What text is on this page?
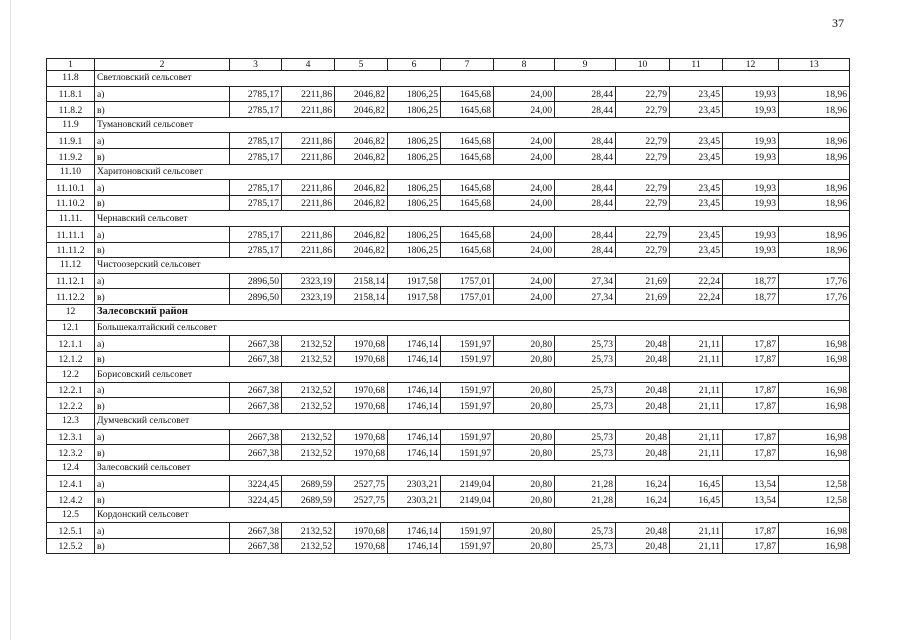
37
1	2	3	4	5	6	7	8	9	10	11	12	13
11.8	Светловский сельсовет											
11.8.1	а)	2785,17	2211,86	2046,82	1806,25	1645,68	24,00	28,44	22,79	23,45	19,93	18,96
11.8.2	в)	2785,17	2211,86	2046,82	1806,25	1645,68	24,00	28,44	22,79	23,45	19,93	18,96
11.9	Тумановский сельсовет											
11.9.1	а)	2785,17	2211,86	2046,82	1806,25	1645,68	24,00	28,44	22,79	23,45	19,93	18,96
11.9.2	в)	2785,17	2211,86	2046,82	1806,25	1645,68	24,00	28,44	22,79	23,45	19,93	18,96
11.10	Харитоновский сельсовет											
11.10.1	а)	2785,17	2211,86	2046,82	1806,25	1645,68	24,00	28,44	22,79	23,45	19,93	18,96
11.10.2	в)	2785,17	2211,86	2046,82	1806,25	1645,68	24,00	28,44	22,79	23,45	19,93	18,96
11.11.	Чернавский сельсовет											
11.11.1	а)	2785,17	2211,86	2046,82	1806,25	1645,68	24,00	28,44	22,79	23,45	19,93	18,96
11.11.2	в)	2785,17	2211,86	2046,82	1806,25	1645,68	24,00	28,44	22,79	23,45	19,93	18,96
11.12	Чистоозерский сельсовет											
11.12.1	а)	2896,50	2323,19	2158,14	1917,58	1757,01	24,00	27,34	21,69	22,24	18,77	17,76
11.12.2	в)	2896,50	2323,19	2158,14	1917,58	1757,01	24,00	27,34	21,69	22,24	18,77	17,76
12	Залесовский район											
12.1	Большекалтайский сельсовет											
12.1.1	а)	2667,38	2132,52	1970,68	1746,14	1591,97	20,80	25,73	20,48	21,11	17,87	16,98
12.1.2	в)	2667,38	2132,52	1970,68	1746,14	1591,97	20,80	25,73	20,48	21,11	17,87	16,98
12.2	Борисовский сельсовет											
12.2.1	а)	2667,38	2132,52	1970,68	1746,14	1591,97	20,80	25,73	20,48	21,11	17,87	16,98
12.2.2	в)	2667,38	2132,52	1970,68	1746,14	1591,97	20,80	25,73	20,48	21,11	17,87	16,98
12.3	Думчевский сельсовет											
12.3.1	а)	2667,38	2132,52	1970,68	1746,14	1591,97	20,80	25,73	20,48	21,11	17,87	16,98
12.3.2	в)	2667,38	2132,52	1970,68	1746,14	1591,97	20,80	25,73	20,48	21,11	17,87	16,98
12.4	Залесовский сельсовет											
12.4.1	а)	3224,45	2689,59	2527,75	2303,21	2149,04	20,80	21,28	16,24	16,45	13,54	12,58
12.4.2	в)	3224,45	2689,59	2527,75	2303,21	2149,04	20,80	21,28	16,24	16,45	13,54	12,58
12.5	Кордонский сельсовет											
12.5.1	а)	2667,38	2132,52	1970,68	1746,14	1591,97	20,80	25,73	20,48	21,11	17,87	16,98
12.5.2	в)	2667,38	2132,52	1970,68	1746,14	1591,97	20,80	25,73	20,48	21,11	17,87	16,98
